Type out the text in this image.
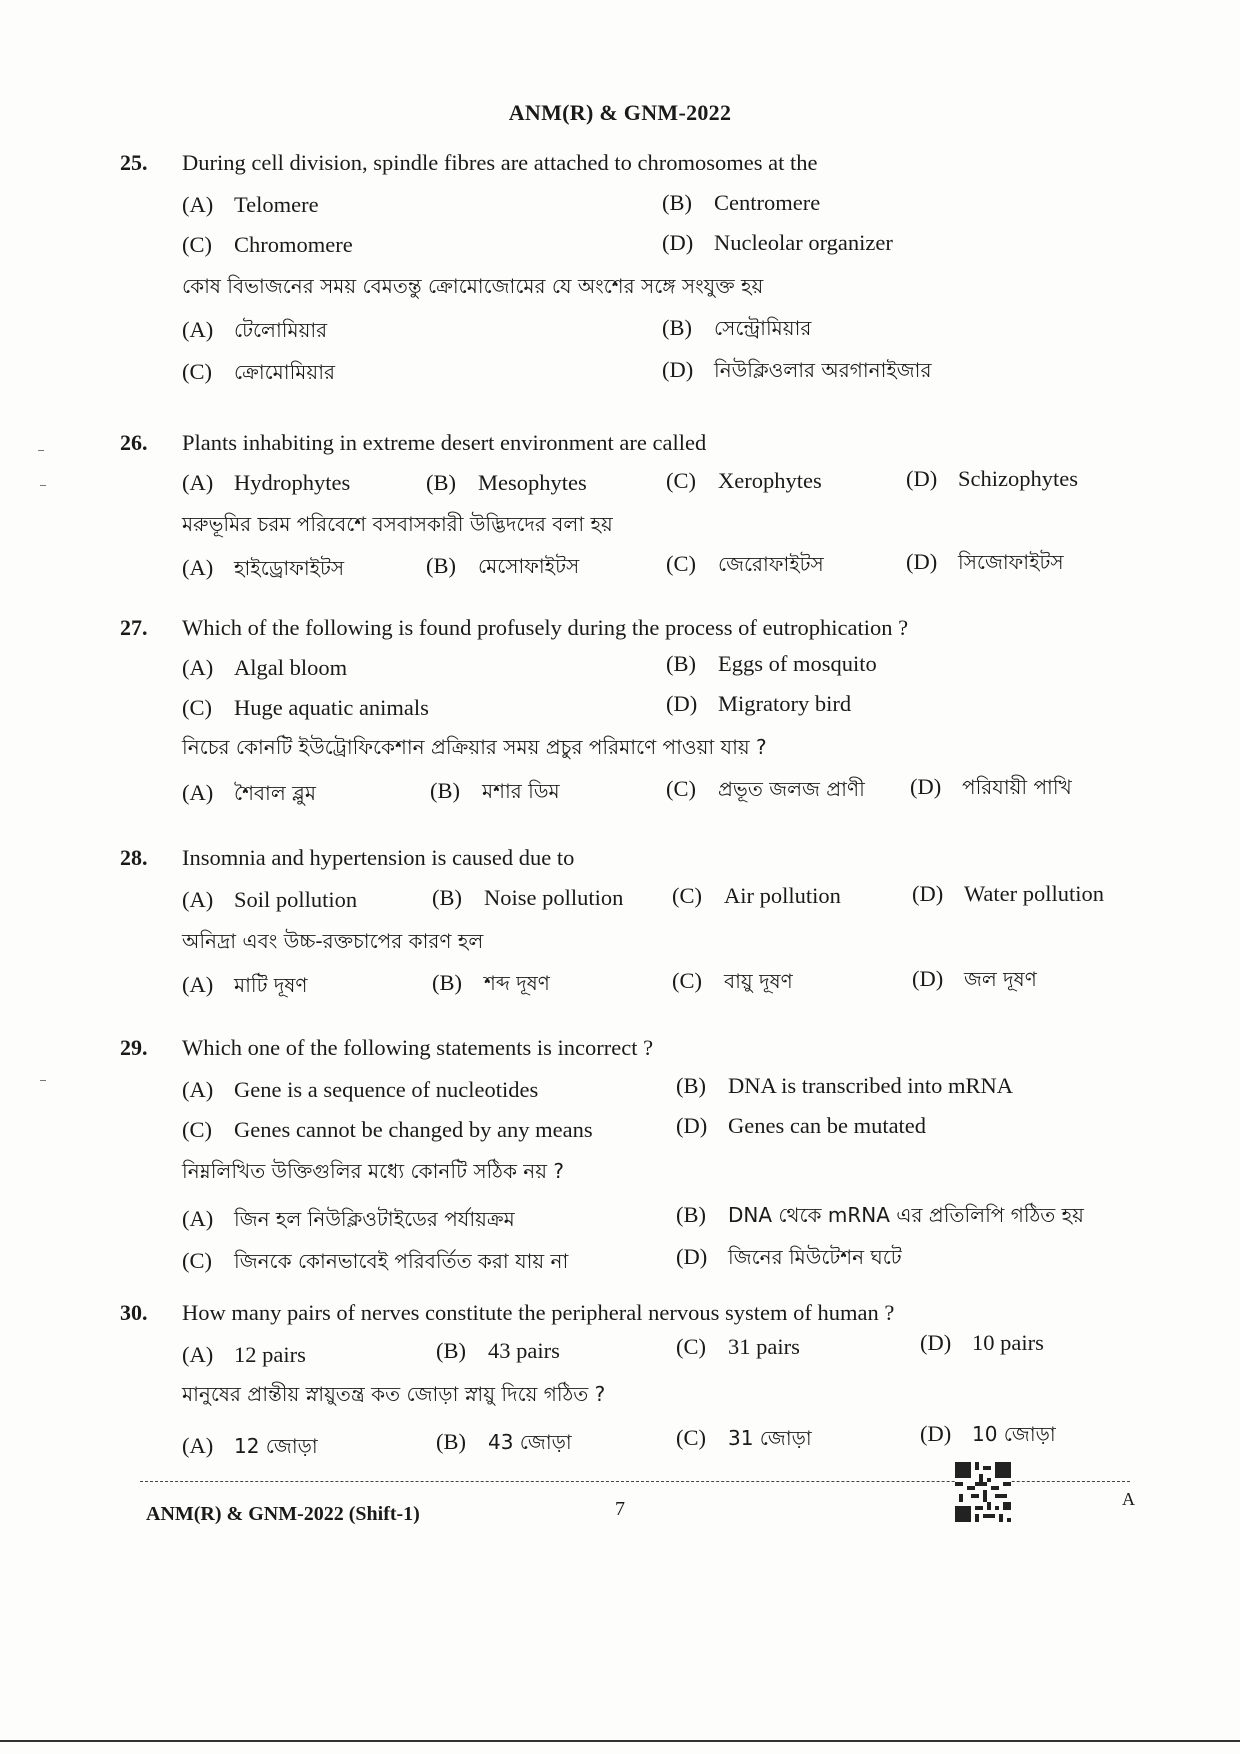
ANM(R) & GNM-2022
25. During cell division, spindle fibres are attached to chromosomes at the
(A) Telomere	(B) Centromere
(C) Chromomere	(D) Nucleolar organizer
কোষ বিভাজনের সময় বেমতন্তু ক্রোমোজোমের যে অংশের সঙ্গে সংযুক্ত হয়
(A) টেলোমিয়ার	(B) সেন্ট্রোমিয়ার
(C) ক্রোমোমিয়ার	(D) নিউক্লিওলার অরগানাইজার
26. Plants inhabiting in extreme desert environment are called
(A) Hydrophytes	(B) Mesophytes	(C) Xerophytes	(D) Schizophytes
মরুভূমির চরম পরিবেশে বসবাসকারী উদ্ভিদদের বলা হয়
(A) হাইড্রোফাইটস	(B) মেসোফাইটস	(C) জেরোফাইটস	(D) সিজোফাইটস
27. Which of the following is found profusely during the process of eutrophication ?
(A) Algal bloom	(B) Eggs of mosquito
(C) Huge aquatic animals	(D) Migratory bird
নিচের কোনটি ইউট্রোফিকেশান প্রক্রিয়ার সময় প্রচুর পরিমাণে পাওয়া যায় ?
(A) শৈবাল ব্লুম	(B) মশার ডিম	(C) প্রভূত জলজ প্রাণী (D) পরিযায়ী পাখি
28. Insomnia and hypertension is caused due to
(A) Soil pollution	(B) Noise pollution (C) Air pollution	(D) Water pollution
অনিদ্রা এবং উচ্চ-রক্তচাপের কারণ হল
(A) মাটি দূষণ	(B) শব্দ দূষণ	(C) বায়ু দূষণ	(D) জল দূষণ
29. Which one of the following statements is incorrect ?
(A) Gene is a sequence of nucleotides	(B) DNA is transcribed into mRNA
(C) Genes cannot be changed by any means	(D) Genes can be mutated
নিম্নলিখিত উক্তিগুলির মধ্যে কোনটি সঠিক নয় ?
(A) জিন হল নিউক্লিওটাইডের পর্যায়ক্রম	(B) DNA থেকে mRNA এর প্রতিলিপি গঠিত হয়
(C) জিনকে কোনভাবেই পরিবর্তিত করা যায় না	(D) জিনের মিউটেশন ঘটে
30. How many pairs of nerves constitute the peripheral nervous system of human ?
(A) 12 pairs	(B) 43 pairs	(C) 31 pairs	(D) 10 pairs
মানুষের প্রান্তীয় স্নায়ুতন্ত্র কত জোড়া স্নায়ু দিয়ে গঠিত ?
(A) 12 জোড়া	(B) 43 জোড়া	(C) 31 জোড়া	(D) 10 জোড়া
ANM(R) & GNM-2022 (Shift-1)	7	A
